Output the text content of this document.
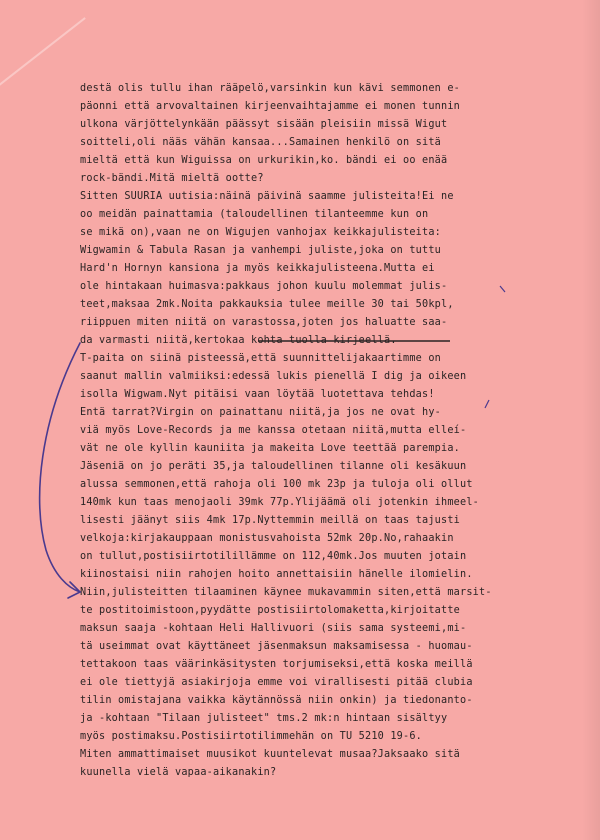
destä olis tullu ihan rääpelö,varsinkin kun kävi semmonen e-
päonni että arvovaltainen kirjeenvaihtajamme ei monen tunnin
ulkona värjöttelynkään päässyt sisään pleisiin missä Wigut
soitteli,oli nääs vähän kansaa...Samainen henkilö on sitä
mieltä että kun Wiguissa on urkurikin,ko. bändi ei oo enää
rock-bändi.Mitä mieltä ootte?
Sitten SUURIA uutisia:näinä päivinä saamme julisteita!Ei ne
oo meidän painattamia (taloudellinen tilanteemme kun on
se mikä on),vaan ne on Wigujen vanhojax keikkajulisteita:
Wigwamin & Tabula Rasan ja vanhempi juliste,joka on tuttu
Hard'n Hornyn kansiona ja myös keikkajulisteena.Mutta ei
ole hintakaan huimasva:pakkaus johon kuulu molemmat julis-
teet,maksaa 2mk.Noita pakkauksia tulee meille 30 tai 50kpl,
riippuen miten niitä on varastossa,joten jos haluatte saa-
da varmasti niitä,kertokaa kohta tuolla kirjeellä.
T-paita on siinä pisteessä,että suunnittelijakaartimme on
saanut mallin valmiiksi:edessä lukis pienellä I dig ja oikeen
isolla Wigwam.Nyt pitäisi vaan löytää luotettava tehdas!
Entä tarrat?Virgin on painattanu niitä,ja jos ne ovat hy-
viä myös Love-Records ja me kanssa otetaan niitä,mutta elleí-
vät ne ole kyllin kauniita ja makeita Love teettää parempia.
Jäseniä on jo peräti 35,ja taloudellinen tilanne oli kesäkuun
alussa semmonen,että rahoja oli 100 mk 23p ja tuloja oli ollut
140mk kun taas menojaoli 39mk 77p.Ylijäämä oli jotenkin ihmeel-
lisesti jäänyt siis 4mk 17p.Nyttemmin meillä on taas tajusti
velkoja:kirjakauppaan monistusvahoista 52mk 20p.No,rahaakin
on tullut,postisiirtotilillämme on 112,40mk.Jos muuten jotain
kiinostaisi niin rahojen hoito annettaisiin hänelle ilomielin.
Niin,julisteitten tilaaminen käynee mukavammin siten,että marsit-
te postitoimistoon,pyydätte postisiirtolomaketta,kirjoitatte
maksun saaja -kohtaan Heli Hallivuori (siis sama systeemi,mi-
tä useimmat ovat käyttäneet jäsenmaksun maksamisessa - huomau-
tettakoon taas väärinkäsitysten torjumiseksi,että koska meillä
ei ole tiettyjä asiakirjoja emme voi virallisesti pitää clubia
tilin omistajana vaikka käytännössä niin onkin) ja tiedonanto-
ja -kohtaan "Tilaan julisteet" tms.2 mk:n hintaan sisältyy
myös postimaksu.Postisiirtotilimmehän on TU 5210 19-6.
Miten ammattimaiset muusikot kuuntelevat musaa?Jaksaako sitä
kuunella vielä vapaa-aikanakin?
